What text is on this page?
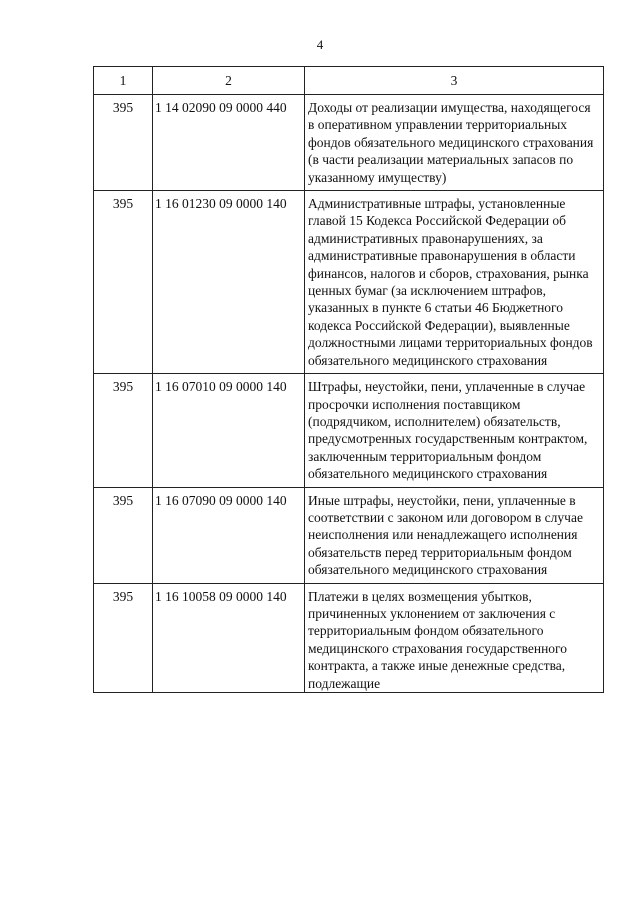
4
1	2	3
395	1 14 02090 09 0000 440	Доходы от реализации имущества, находящегося в оперативном управлении территориальных фондов обязательного медицинского страхования (в части реализации материальных запасов по указанному имуществу)
395	1 16 01230 09 0000 140	Административные штрафы, установленные главой 15 Кодекса Российской Федерации об административных правонарушениях, за административные правонарушения в области финансов, налогов и сборов, страхования, рынка ценных бумаг (за исключением штрафов, указанных в пункте 6 статьи 46 Бюджетного кодекса Российской Федерации), выявленные должностными лицами территориальных фондов обязательного медицинского страхования
395	1 16 07010 09 0000 140	Штрафы, неустойки, пени, уплаченные в случае просрочки исполнения поставщиком (подрядчиком, исполнителем) обязательств, предусмотренных государственным контрактом, заключенным территориальным фондом обязательного медицинского страхования
395	1 16 07090 09 0000 140	Иные штрафы, неустойки, пени, уплаченные в соответствии с законом или договором в случае неисполнения или ненадлежащего исполнения обязательств перед территориальным фондом обязательного медицинского страхования
395	1 16 10058 09 0000 140	Платежи в целях возмещения убытков, причиненных уклонением от заключения с территориальным фондом обязательного медицинского страхования государственного контракта, а также иные денежные средства, подлежащие
